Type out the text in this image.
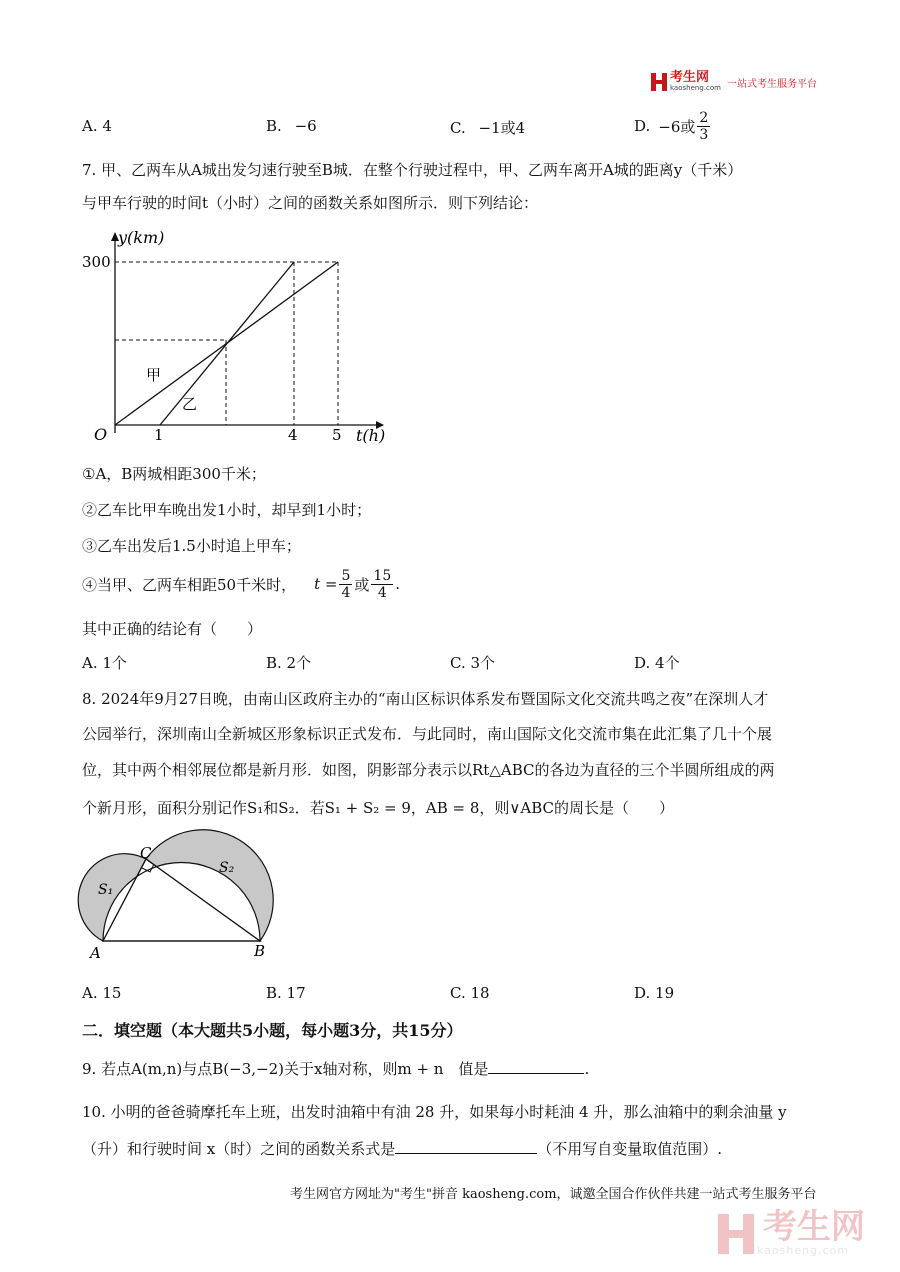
考生网
kaosheng.com 一站式考生服务平台
A. 4	B. −6	C. −1或4	D. −6或 $\frac{2}{3}$
7. 甲、乙两车从A城出发匀速行驶至B城．在整个行驶过程中，甲、乙两车离开A城的距离y（千米）
与甲车行驶的时间t（小时）之间的函数关系如图所示．则下列结论：
y(km)
300
O	1	4 5 t(h)
甲
乙
①A，B两城相距300千米；
②乙车比甲车晚出发1小时，却早到1小时；
③乙车出发后1.5小时追上甲车；
④当甲、乙两车相距50千米时， $t = \frac{5}{4}$ 或 $\frac{15}{4}$ .
其中正确的结论有（　　）
A. 1个	B. 2个	C. 3个	D. 4个
8. 2024年9月27日晚，由南山区政府主办的“南山区标识体系发布暨国际文化交流共鸣之夜”在深圳人才
公园举行，深圳南山全新城区形象标识正式发布．与此同时，南山国际文化交流市集在此汇集了几十个展
位，其中两个相邻展位都是新月形．如图，阴影部分表示以Rt△ABC的各边为直径的三个半圆所组成的两
个新月形，面积分别记作S₁和S₂．若S₁ + S₂ = 9，AB = 8，则∨ABC的周长是（　　）
C
A	B
S₁
S₂
A. 15	B. 17	C. 18	D. 19
二．填空题（本大题共5小题，每小题3分，共15分）
9. 若点A(m,n)与点B(−3,−2)关于x轴对称，则m + n　值是	.
10. 小明的爸爸骑摩托车上班，出发时油箱中有油 28 升，如果每小时耗油 4 升，那么油箱中的剩余油量 y
（升）和行驶时间 x（时）之间的函数关系式是	（不用写自变量取值范围）.
考生网官方网址为"考生"拼音 kaosheng.com，诚邀全国合作伙伴共建一站式考生服务平台
考生网
kaosheng.com
